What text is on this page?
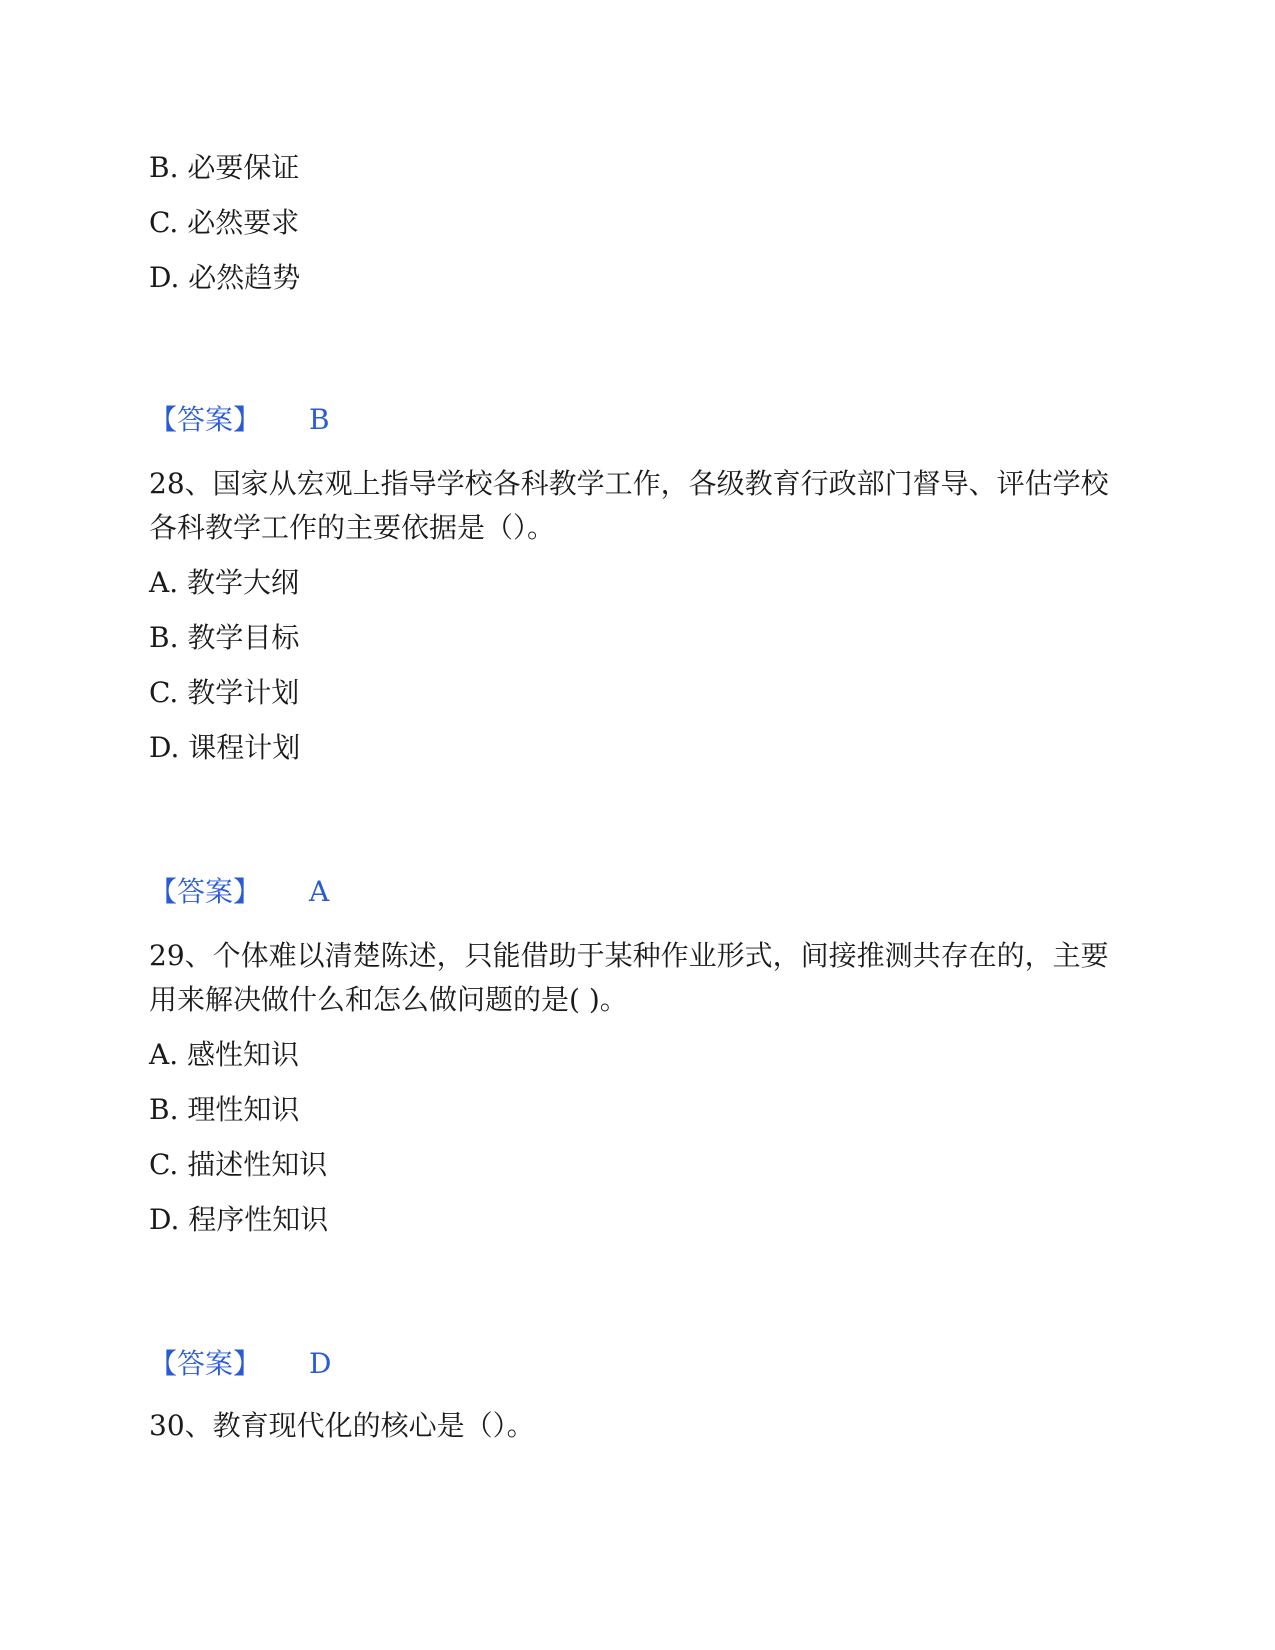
B. 必要保证
C. 必然要求
D. 必然趋势
【答案】 B
28、国家从宏观上指导学校各科教学工作，各级教育行政部门督导、评估学校各科教学工作的主要依据是（）。
A. 教学大纲
B. 教学目标
C. 教学计划
D. 课程计划
【答案】 A
29、个体难以清楚陈述，只能借助于某种作业形式，间接推测共存在的，主要用来解决做什么和怎么做问题的是( )。
A. 感性知识
B. 理性知识
C. 描述性知识
D. 程序性知识
【答案】 D
30、教育现代化的核心是（）。
